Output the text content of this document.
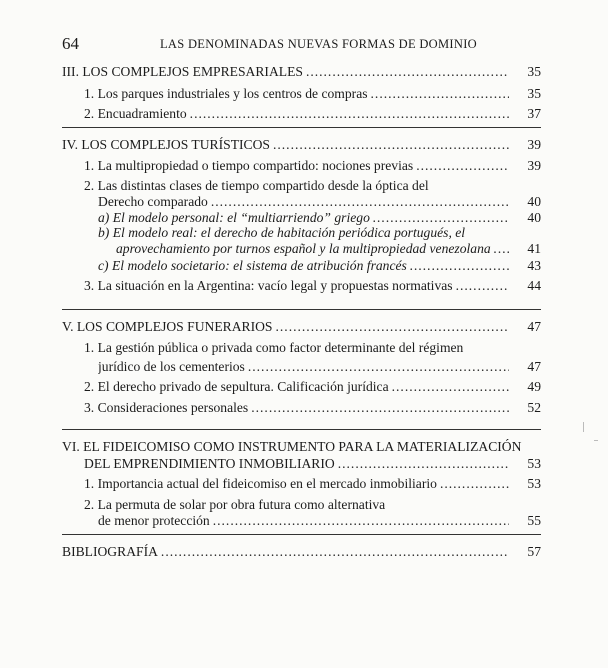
64	LAS DENOMINADAS NUEVAS FORMAS DE DOMINIO
III. LOS COMPLEJOS EMPRESARIALES .....	35
1. Los parques industriales y los centros de compras .....	35
2. Encuadramiento .....	37
IV. LOS COMPLEJOS TURÍSTICOS .....	39
1. La multipropiedad o tiempo compartido: nociones previas .....	39
2. Las distintas clases de tiempo compartido desde la óptica del
Derecho comparado .....	40
a) El modelo personal: el “multiarriendo” griego .....	40
b) El modelo real: el derecho de habitación periódica portugués, el
aprovechamiento por turnos español y la multipropiedad venezolana .....	41
c) El modelo societario: el sistema de atribución francés .....	43
3. La situación en la Argentina: vacío legal y propuestas normativas .....	44
V. LOS COMPLEJOS FUNERARIOS .....	47
1. La gestión pública o privada como factor determinante del régimen
jurídico de los cementerios .....	47
2. El derecho privado de sepultura. Calificación jurídica .....	49
3. Consideraciones personales .....	52
VI. EL FIDEICOMISO COMO INSTRUMENTO PARA LA MATERIALIZACIÓN
DEL EMPRENDIMIENTO INMOBILIARIO .....	53
1. Importancia actual del fideicomiso en el mercado inmobiliario .....	53
2. La permuta de solar por obra futura como alternativa
de menor protección .....	55
BIBLIOGRAFÍA .....	57
